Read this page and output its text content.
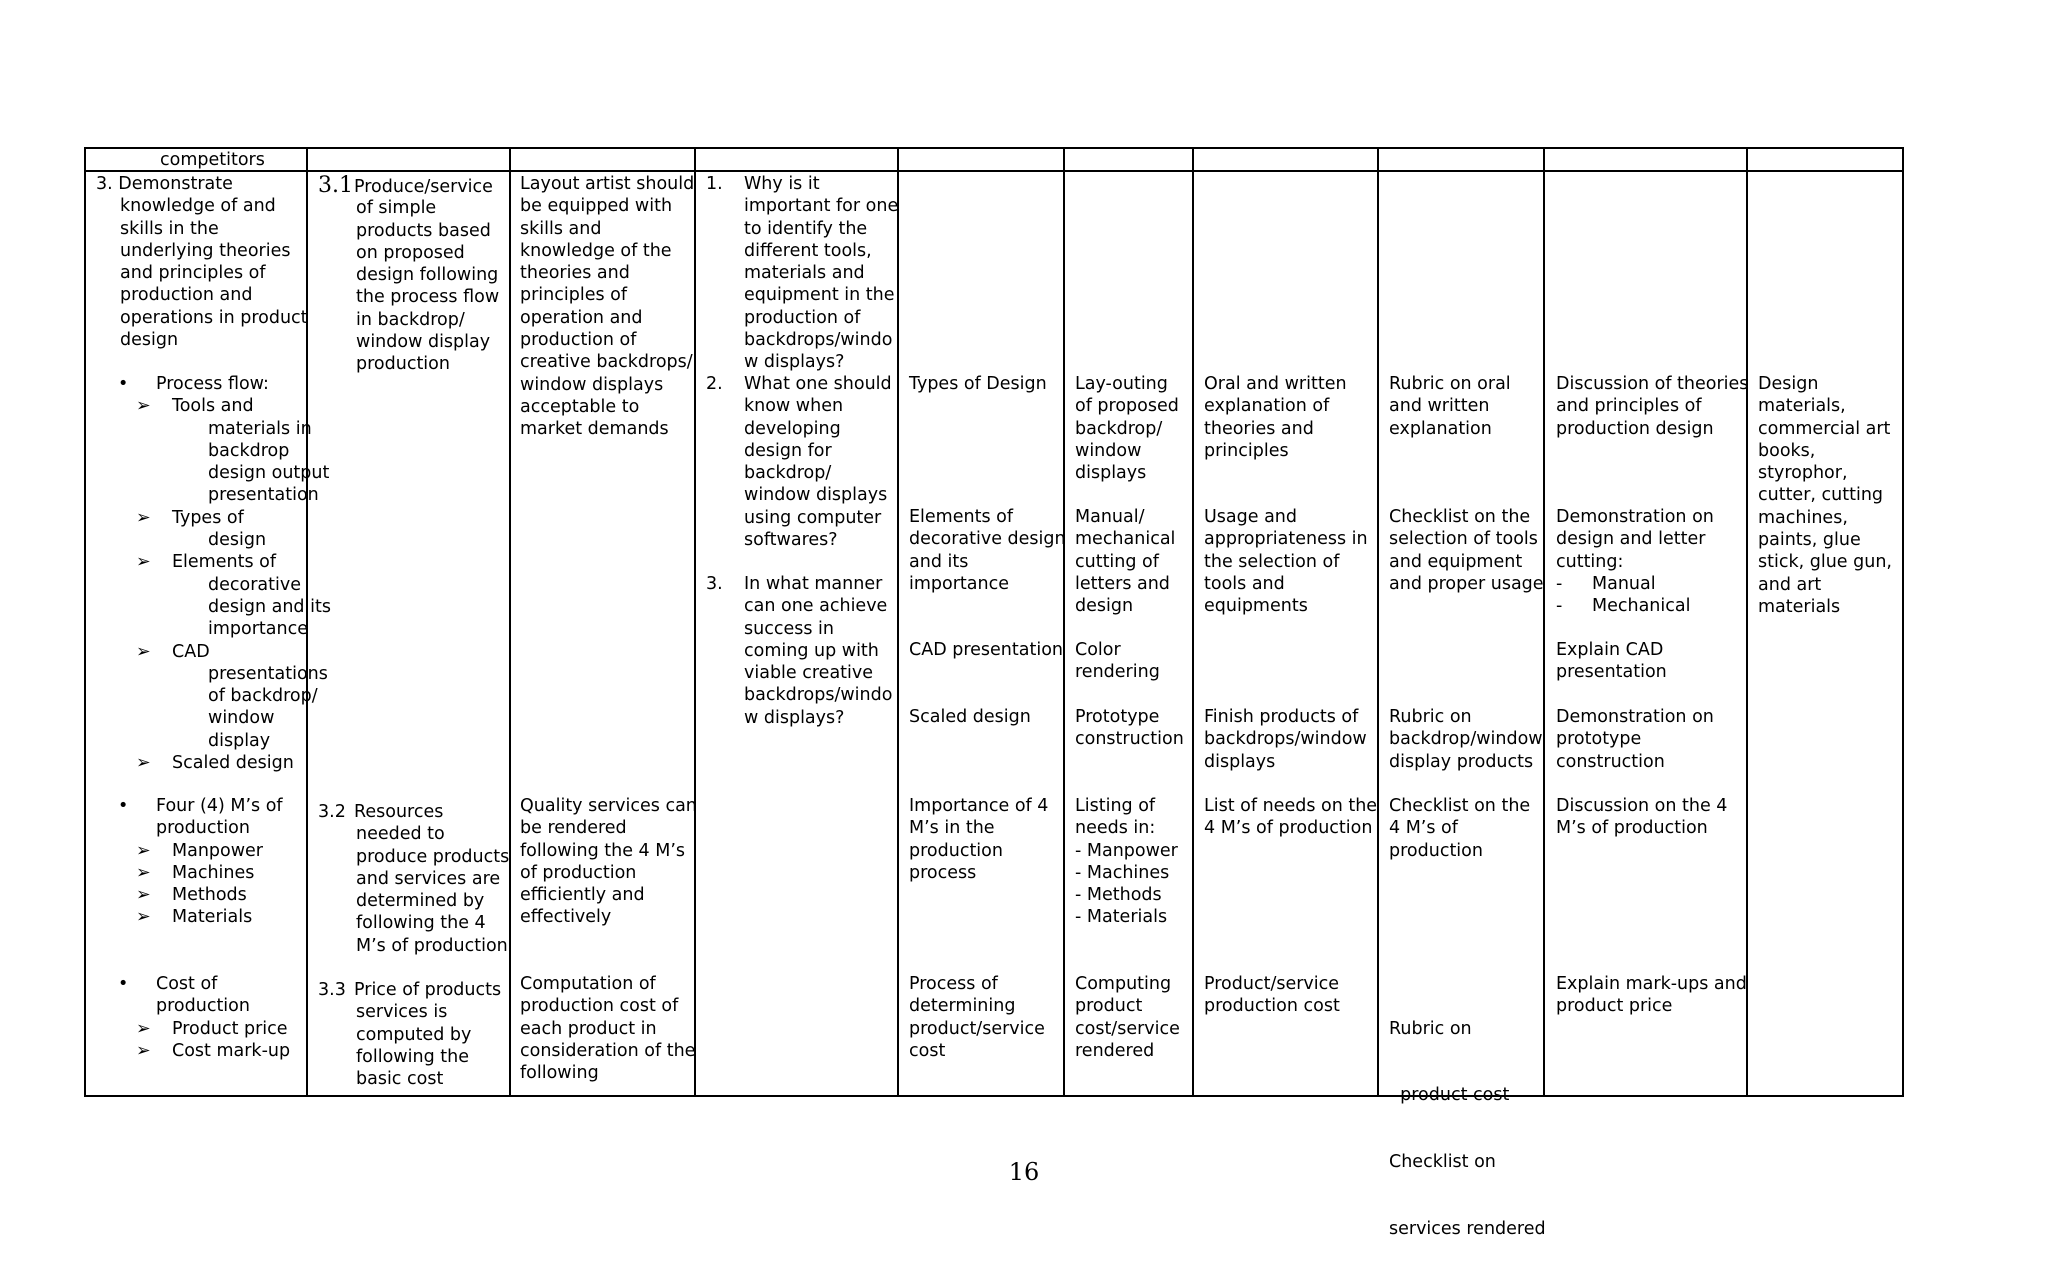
competitors
3. Demonstrate
knowledge of and
skills in the
underlying theories
and principles of
production and
operations in product
design
• Process flow:
➢ Tools and
materials in
backdrop
design output
presentation
➢ Types of
design
➢ Elements of
decorative
design and its
importance
➢ CAD
presentations
of backdrop/
window
display
➢ Scaled design
• Four (4) M’s of
production
➢ Manpower
➢ Machines
➢ Methods
➢ Materials
• Cost of
production
➢ Product price
➢ Cost mark-up
3.1Produce/service
of simple
products based
on proposed
design following
the process flow
in backdrop/
window display
production
3.2 Resources
needed to
produce products
and services are
determined by
following the 4
M’s of production
3.3 Price of products
services is
computed by
following the
basic cost
Layout artist should
be equipped with
skills and
knowledge of the
theories and
principles of
operation and
production of
creative backdrops/
window displays
acceptable to
market demands
Quality services can
be rendered
following the 4 M’s
of production
efficiently and
effectively
Computation of
production cost of
each product in
consideration of the
following
1. Why is it
important for one
to identify the
different tools,
materials and
equipment in the
production of
backdrops/windo
w displays?
2. What one should
know when
developing
design for
backdrop/
window displays
using computer
softwares?
3. In what manner
can one achieve
success in
coming up with
viable creative
backdrops/windo
w displays?
Types of Design
Elements of
decorative design
and its
importance
CAD presentation
Scaled design
Importance of 4
M’s in the
production
process
Process of
determining
product/service
cost
Lay-outing
of proposed
backdrop/
window
displays
Manual/
mechanical
cutting of
letters and
design
Color
rendering
Prototype
construction
Listing of
needs in:
- Manpower
- Machines
- Methods
- Materials
Computing
product
cost/service
rendered
Oral and written
explanation of
theories and
principles
Usage and
appropriateness in
the selection of
tools and
equipments
Finish products of
backdrops/window
displays
List of needs on the
4 M’s of production
Product/service
production cost
Rubric on oral
and written
explanation
Checklist on the
selection of tools
and equipment
and proper usage
Rubric on
backdrop/window
display products
Checklist on the
4 M’s of
production

Rubric on

product cost

Checklist on

services rendered

Discussion of theories
and principles of
production design
Demonstration on
design and letter
cutting:
- Manual
- Mechanical
Explain CAD
presentation
Demonstration on
prototype
construction
Discussion on the 4
M’s of production
Explain mark-ups and
product price
Design
materials,
commercial art
books,
styrophor,
cutter, cutting
machines,
paints, glue
stick, glue gun,
and art
materials
16
